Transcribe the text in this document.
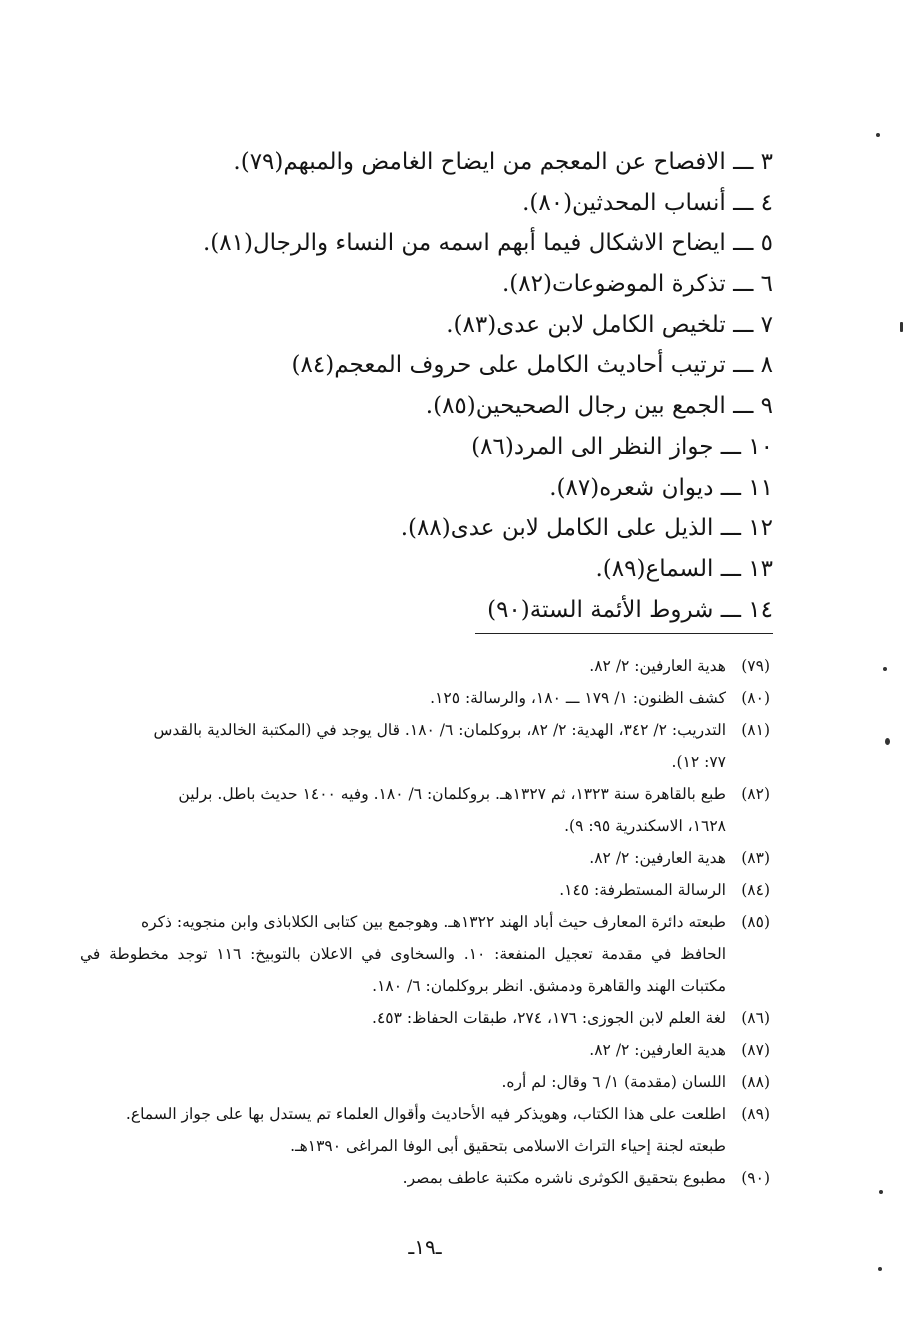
٣ ـــ الافصاح عن المعجم من ايضاح الغامض والمبهم(٧٩).
٤ ـــ أنساب المحدثين(٨٠).
٥ ـــ ايضاح الاشكال فيما أبهم اسمه من النساء والرجال(٨١).
٦ ـــ تذكرة الموضوعات(٨٢).
٧ ـــ تلخيص الكامل لابن عدى(٨٣).
٨ ـــ ترتيب أحاديث الكامل على حروف المعجم(٨٤)
٩ ـــ الجمع بين رجال الصحيحين(٨٥).
١٠ ـــ جواز النظر الى المرد(٨٦)
١١ ـــ ديوان شعره(٨٧).
١٢ ـــ الذيل على الكامل لابن عدى(٨٨).
١٣ ـــ السماع(٨٩).
١٤ ـــ شروط الأئمة الستة(٩٠)
(٧٩)
هدية العارفين: ٢/ ٨٢.
(٨٠)
كشف الظنون: ١/ ١٧٩ ـــ ١٨٠، والرسالة: ١٢٥.
(٨١)
التدريب: ٢/ ٣٤٢، الهدية: ٢/ ٨٢، بروكلمان: ٦/ ١٨٠. قال يوجد في (المكتبة الخالدية بالقدس
٧٧: ١٢).
(٨٢)
طبع بالقاهرة سنة ١٣٢٣، ثم ١٣٢٧هـ. بروكلمان: ٦/ ١٨٠. وفيه ١٤٠٠ حديث باطل. برلين
١٦٢٨، الاسكندرية ٩٥: ٩).
(٨٣)
هدية العارفين: ٢/ ٨٢.
(٨٤)
الرسالة المستطرفة: ١٤٥.
(٨٥)
طبعته دائرة المعارف حيث أباد الهند ١٣٢٢هـ. وهوجمع بين كتابى الكلاباذى وابن منجويه: ذكره
الحافظ في مقدمة تعجيل المنفعة: ١٠. والسخاوى في الاعلان بالتوبيخ: ١١٦ توجد مخطوطة في مكتبات الهند والقاهرة ودمشق. انظر بروكلمان: ٦/ ١٨٠.
(٨٦)
لغة العلم لابن الجوزى: ١٧٦، ٢٧٤، طبقات الحفاظ: ٤٥٣.
(٨٧)
هدية العارفين: ٢/ ٨٢.
(٨٨)
اللسان (مقدمة) ١/ ٦ وقال: لم أره.
(٨٩)
اطلعت على هذا الكتاب، وهويذكر فيه الأحاديث وأقوال العلماء تم يستدل بها على جواز السماع.
طبعته لجنة إحياء التراث الاسلامى بتحقيق أبى الوفا المراغى ١٣٩٠هـ.
(٩٠)
مطبوع بتحقيق الكوثرى ناشره مكتبة عاطف بمصر.
ـ١٩ـ
